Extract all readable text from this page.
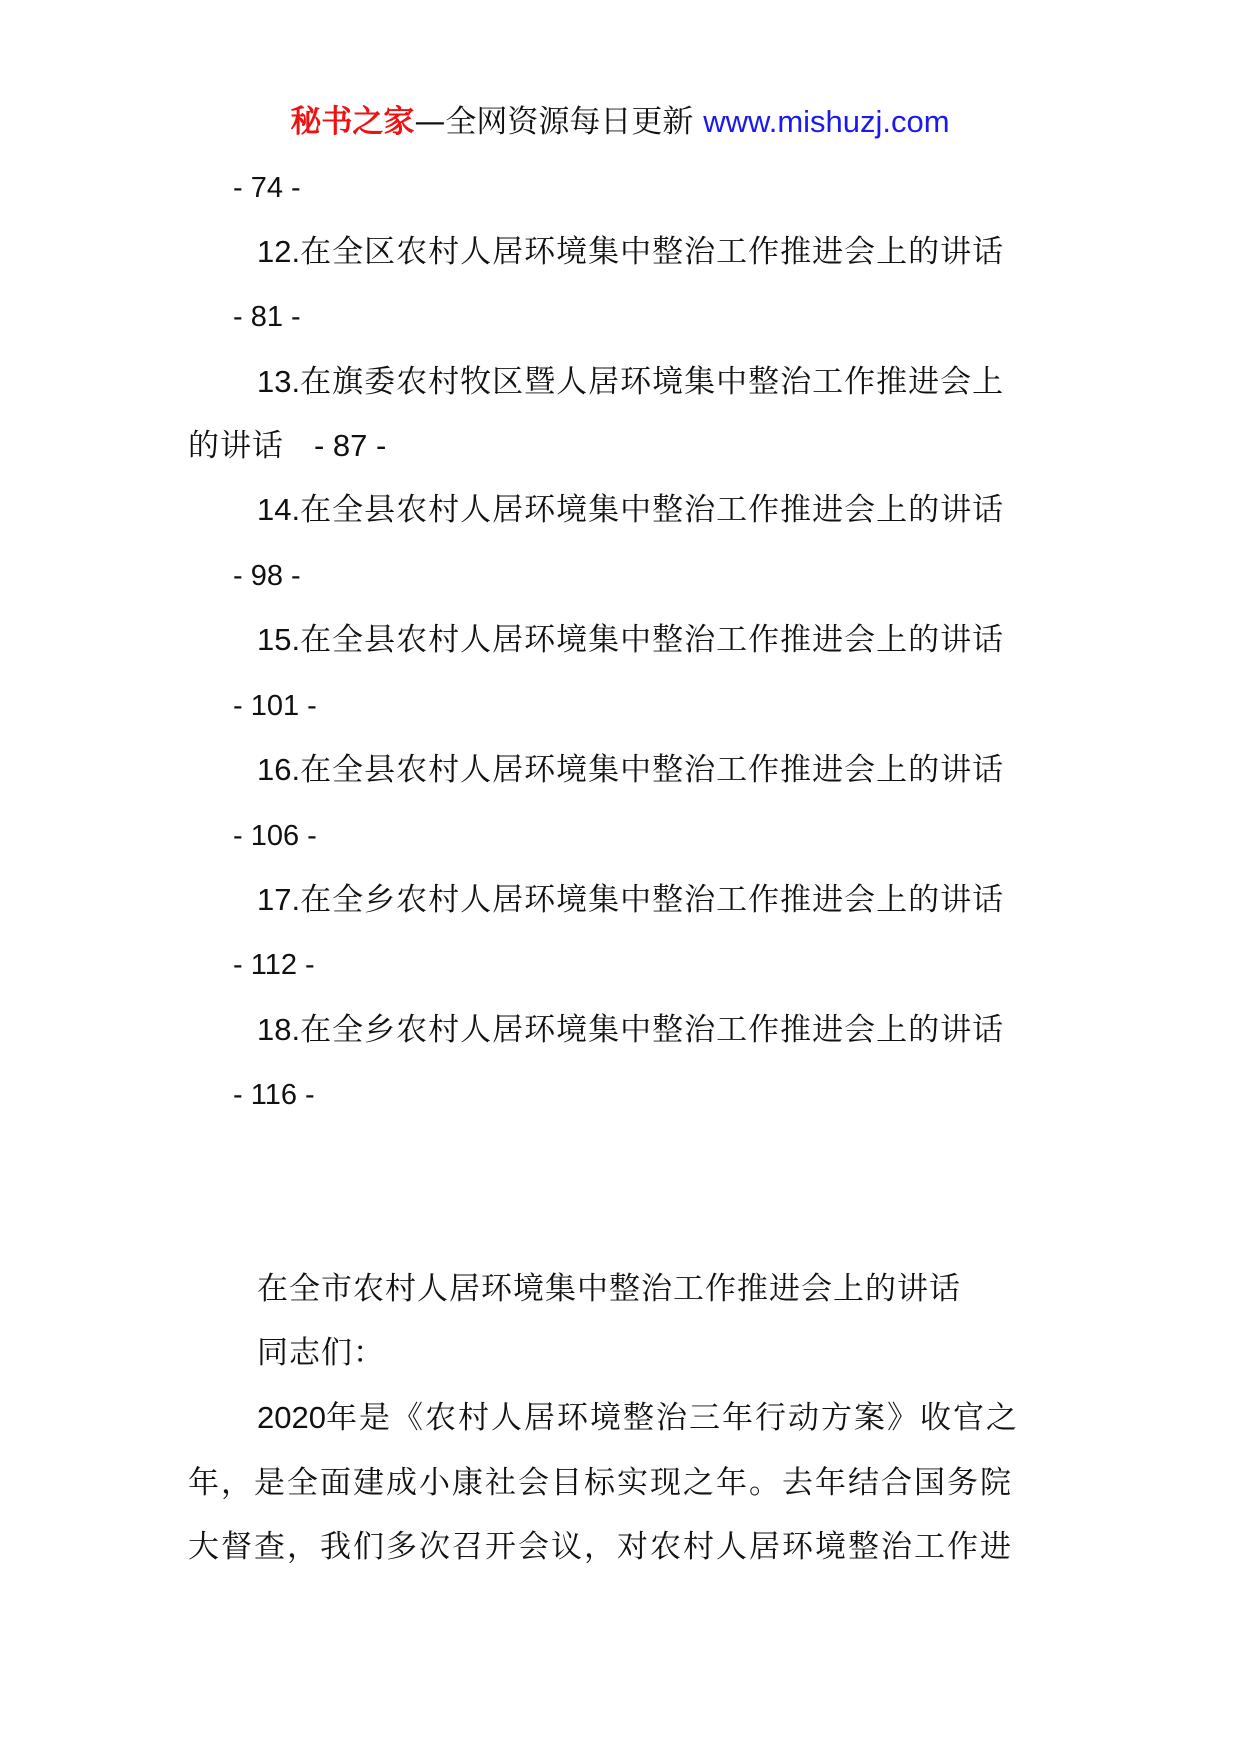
秘书之家—全网资源每日更新 www.mishuzj.com
- 74 -
12.在全区农村人居环境集中整治工作推进会上的讲话
- 81 -
13.在旗委农村牧区暨人居环境集中整治工作推进会上
的讲话 - 87 -
14.在全县农村人居环境集中整治工作推进会上的讲话
- 98 -
15.在全县农村人居环境集中整治工作推进会上的讲话
- 101 -
16.在全县农村人居环境集中整治工作推进会上的讲话
- 106 -
17.在全乡农村人居环境集中整治工作推进会上的讲话
- 112 -
18.在全乡农村人居环境集中整治工作推进会上的讲话
- 116 -
在全市农村人居环境集中整治工作推进会上的讲话
同志们：
2020年是《农村人居环境整治三年行动方案》收官之
年，是全面建成小康社会目标实现之年。去年结合国务院
大督查，我们多次召开会议，对农村人居环境整治工作进
